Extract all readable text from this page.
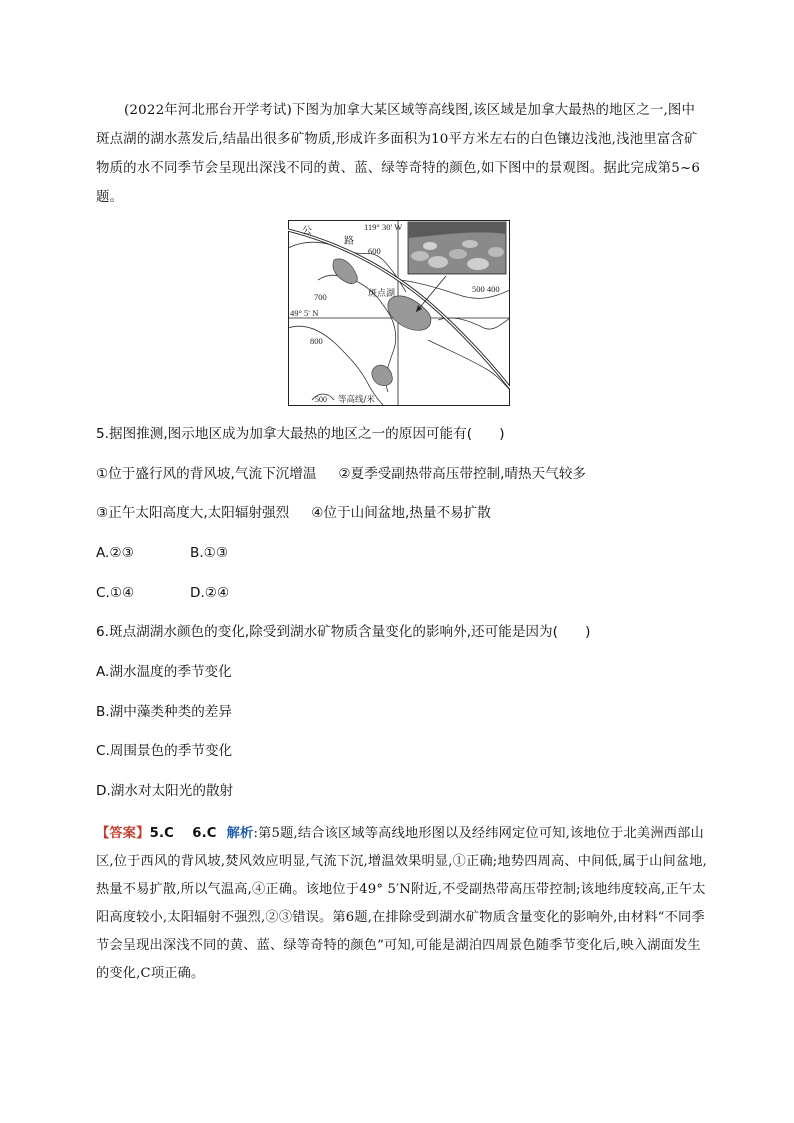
(2022年河北邢台开学考试)下图为加拿大某区域等高线图,该区域是加拿大最热的地区之一,图中斑点湖的湖水蒸发后,结晶出很多矿物质,形成许多面积为10平方米左右的白色镶边浅池,浅池里富含矿物质的水不同季节会呈现出深浅不同的黄、蓝、绿等奇特的颜色,如下图中的景观图。据此完成第5~6题。
119° 30′ W
公
路
600
700
800
斑点湖
49° 5′ N
500 400
500 等高线/米
5.据图推测,图示地区成为加拿大最热的地区之一的原因可能有(　　)
①位于盛行风的背风坡,气流下沉增温 ②夏季受副热带高压带控制,晴热天气较多
③正午太阳高度大,太阳辐射强烈 ④位于山间盆地,热量不易扩散
A.②③	B.①③
C.①④	D.②④
6.斑点湖湖水颜色的变化,除受到湖水矿物质含量变化的影响外,还可能是因为(　　)
A.湖水温度的季节变化
B.湖中藻类种类的差异
C.周围景色的季节变化
D.湖水对太阳光的散射
【答案】5.C　 6.C 解析:第5题,结合该区域等高线地形图以及经纬网定位可知,该地位于北美洲西部山区,位于西风的背风坡,焚风效应明显,气流下沉,增温效果明显,①正确;地势四周高、中间低,属于山间盆地,热量不易扩散,所以气温高,④正确。该地位于49° 5′N附近,不受副热带高压带控制;该地纬度较高,正午太阳高度较小,太阳辐射不强烈,②③错误。第6题,在排除受到湖水矿物质含量变化的影响外,由材料“不同季节会呈现出深浅不同的黄、蓝、绿等奇特的颜色”可知,可能是湖泊四周景色随季节变化后,映入湖面发生的变化,C项正确。
